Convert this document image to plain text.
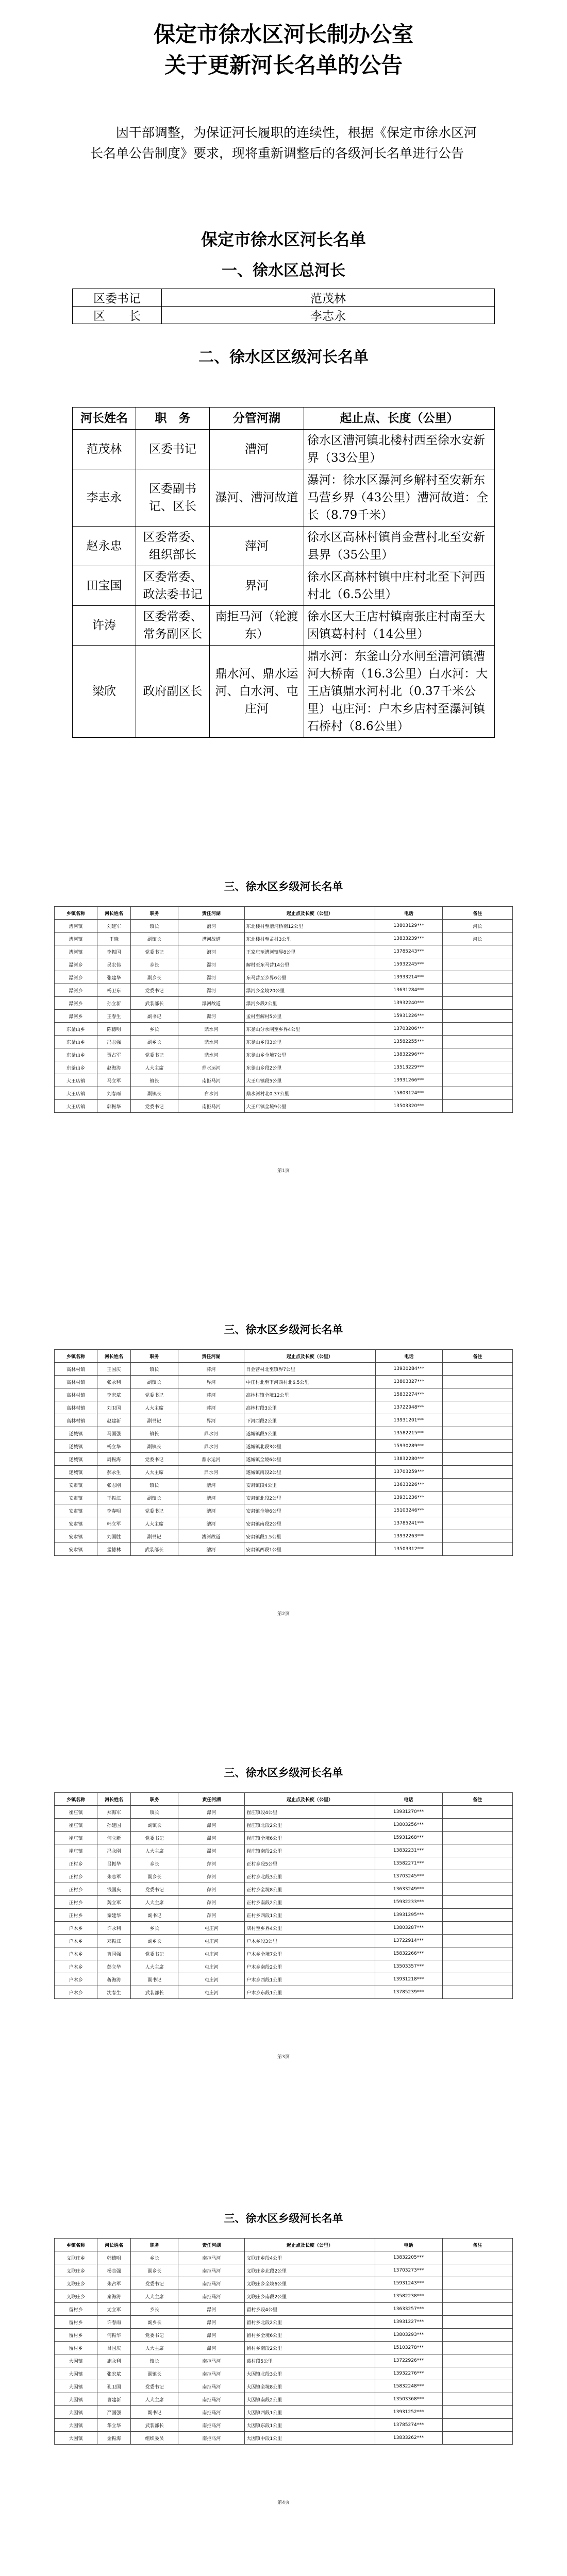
保定市徐水区河长制办公室
关于更新河长名单的公告
因干部调整，为保证河长履职的连续性，根据《保定市徐水区河长名单公告制度》要求，现将重新调整后的各级河长名单进行公告
保定市徐水区河长名单
一、徐水区总河长
区委书记	范茂林
区　　长	李志永
二、徐水区区级河长名单
河长姓名	职　务	分管河湖	起止点、长度（公里）
范茂林	区委书记	漕河	徐水区漕河镇北楼村西至徐水安新界（33公里）
李志永	区委副书记、区长	瀑河、漕河故道	瀑河：徐水区瀑河乡解村至安新东马营乡界（43公里）漕河故道：全长（8.79千米）
赵永忠	区委常委、组织部长	萍河	徐水区高林村镇肖金营村北至安新县界（35公里）
田宝国	区委常委、政法委书记	界河	徐水区高林村镇中庄村北至下河西村北（6.5公里）
许涛	区委常委、常务副区长	南拒马河（轮渡东）	徐水区大王店村镇南张庄村南至大因镇葛村村（14公里）
梁欣	政府副区长	鼎水河、鼎水运河、白水河、屯庄河	鼎水河：东釜山分水闸至漕河镇漕河大桥南（16.3公里）白水河：大王店镇鼎水河村北（0.37千米公里）屯庄河：户木乡店村至瀑河镇石桥村（8.6公里）
三、徐水区乡级河长名单
乡镇名称	河长姓名	职务	责任河湖	起止点及长度（公里）	电话	备注
漕河镇	刘建军	镇长	漕河	东北楼村至漕河桥南12公里	13803129***	河长
漕河镇	王晓	副镇长	漕河故道	东北楼村至孟村3公里	13833239***	河长
漕河镇	李振国	党委书记	漕河	王家庄至漕河镇界8公里	13785243***	
瀑河乡	吴宏伟	乡长	瀑河	解村至东马营14公里	15932245***	
瀑河乡	张建华	副乡长	瀑河	东马营至乡界6公里	13933214***	
瀑河乡	杨卫东	党委书记	瀑河	瀑河乡全境20公里	13631284***	
瀑河乡	孙立新	武装部长	瀑河故道	瀑河乡段2公里	13932240***	
瀑河乡	王春生	副书记	瀑河	孟村至解村5公里	15931226***	
东釜山乡	陈德明	乡长	鼎水河	东釜山分水闸至乡界4公里	13703206***	
东釜山乡	冯志强	副乡长	鼎水河	东釜山乡段3公里	13582255***	
东釜山乡	贾占军	党委书记	鼎水河	东釜山乡全境7公里	13832296***	
东釜山乡	赵海涛	人大主席	鼎水运河	东釜山乡段2公里	13513229***	
大王店镇	马立军	镇长	南拒马河	大王店镇段5公里	13931266***	
大王店镇	刘春雨	副镇长	白水河	鼎水河村北0.37公里	15803124***	
大王店镇	郭振华	党委书记	南拒马河	大王店镇全境9公里	13503320***	
第1页
三、徐水区乡级河长名单
乡镇名称	河长姓名	职务	责任河湖	起止点及长度（公里）	电话	备注
高林村镇	王国庆	镇长	萍河	肖金营村北至镇界7公里	13930284***	
高林村镇	张永利	副镇长	界河	中庄村北至下河西村北6.5公里	13803327***	
高林村镇	李宏斌	党委书记	萍河	高林村镇全境12公里	15832274***	
高林村镇	刘卫国	人大主席	萍河	高林村段3公里	13722948***	
高林村镇	赵建新	副书记	界河	下河西段2公里	13931201***	
遂城镇	马国强	镇长	鼎水河	遂城镇段5公里	13582215***	
遂城镇	杨立华	副镇长	鼎水河	遂城镇北段3公里	15930289***	
遂城镇	周振海	党委书记	鼎水运河	遂城镇全境6公里	13832280***	
遂城镇	郝永生	人大主席	鼎水河	遂城镇南段2公里	13703259***	
安肃镇	张志刚	镇长	漕河	安肃镇段4公里	13633226***	
安肃镇	王振江	副镇长	漕河	安肃镇北段2公里	13931236***	
安肃镇	李春明	党委书记	漕河	安肃镇全境6公里	15103246***	
安肃镇	韩立军	人大主席	漕河	安肃镇南段2公里	13785241***	
安肃镇	刘国胜	副书记	漕河故道	安肃镇段1.5公里	13932263***	
安肃镇	孟德林	武装部长	漕河	安肃镇西段1公里	13503312***	
第2页
三、徐水区乡级河长名单
乡镇名称	河长姓名	职务	责任河湖	起止点及长度（公里）	电话	备注
崔庄镇	郑海军	镇长	瀑河	崔庄镇段4公里	13931270***	
崔庄镇	孙建国	副镇长	瀑河	崔庄镇北段2公里	13803256***	
崔庄镇	何立新	党委书记	瀑河	崔庄镇全境6公里	15931268***	
崔庄镇	冯永刚	人大主席	瀑河	崔庄镇南段2公里	13832231***	
正村乡	吕振华	乡长	萍河	正村乡段5公里	13582271***	
正村乡	朱志军	副乡长	萍河	正村乡北段3公里	13703245***	
正村乡	钱国庆	党委书记	萍河	正村乡全境8公里	13633249***	
正村乡	魏立军	人大主席	萍河	正村乡南段2公里	15932233***	
正村乡	秦建华	副书记	萍河	正村乡西段1公里	13931295***	
户木乡	许永利	乡长	屯庄河	店村至乡界4公里	13803287***	
户木乡	邓振江	副乡长	屯庄河	户木乡段3公里	13722914***	
户木乡	曹国强	党委书记	屯庄河	户木乡全境7公里	15832266***	
户木乡	彭立华	人大主席	屯庄河	户木乡南段2公里	13503357***	
户木乡	蒋海涛	副书记	屯庄河	户木乡西段1公里	13931218***	
户木乡	沈春生	武装部长	屯庄河	户木乡东段1公里	13785239***	
第3页
三、徐水区乡级河长名单
乡镇名称	河长姓名	职务	责任河湖	起止点及长度（公里）	电话	备注
义联庄乡	韩德明	乡长	南拒马河	义联庄乡段4公里	13832205***	
义联庄乡	杨志强	副乡长	南拒马河	义联庄乡北段2公里	13703273***	
义联庄乡	朱占军	党委书记	南拒马河	义联庄乡全境6公里	15931243***	
义联庄乡	秦海涛	人大主席	南拒马河	义联庄乡南段2公里	13582238***	
留村乡	尤立军	乡长	瀑河	留村乡段4公里	13633257***	
留村乡	许春雨	副乡长	瀑河	留村乡北段2公里	13931227***	
留村乡	何振华	党委书记	瀑河	留村乡全境6公里	13803293***	
留村乡	吕国庆	人大主席	瀑河	留村乡南段2公里	15103278***	
大因镇	施永利	镇长	南拒马河	葛村段5公里	13722926***	
大因镇	张宏斌	副镇长	南拒马河	大因镇北段3公里	13932276***	
大因镇	孔卫国	党委书记	南拒马河	大因镇全境8公里	15832248***	
大因镇	曹建新	人大主席	南拒马河	大因镇南段2公里	13503368***	
大因镇	严国强	副书记	南拒马河	大因镇西段1公里	13931252***	
大因镇	华立华	武装部长	南拒马河	大因镇东段1公里	13785274***	
大因镇	金振海	组织委员	南拒马河	大因镇中段1公里	13833262***	
第4页
